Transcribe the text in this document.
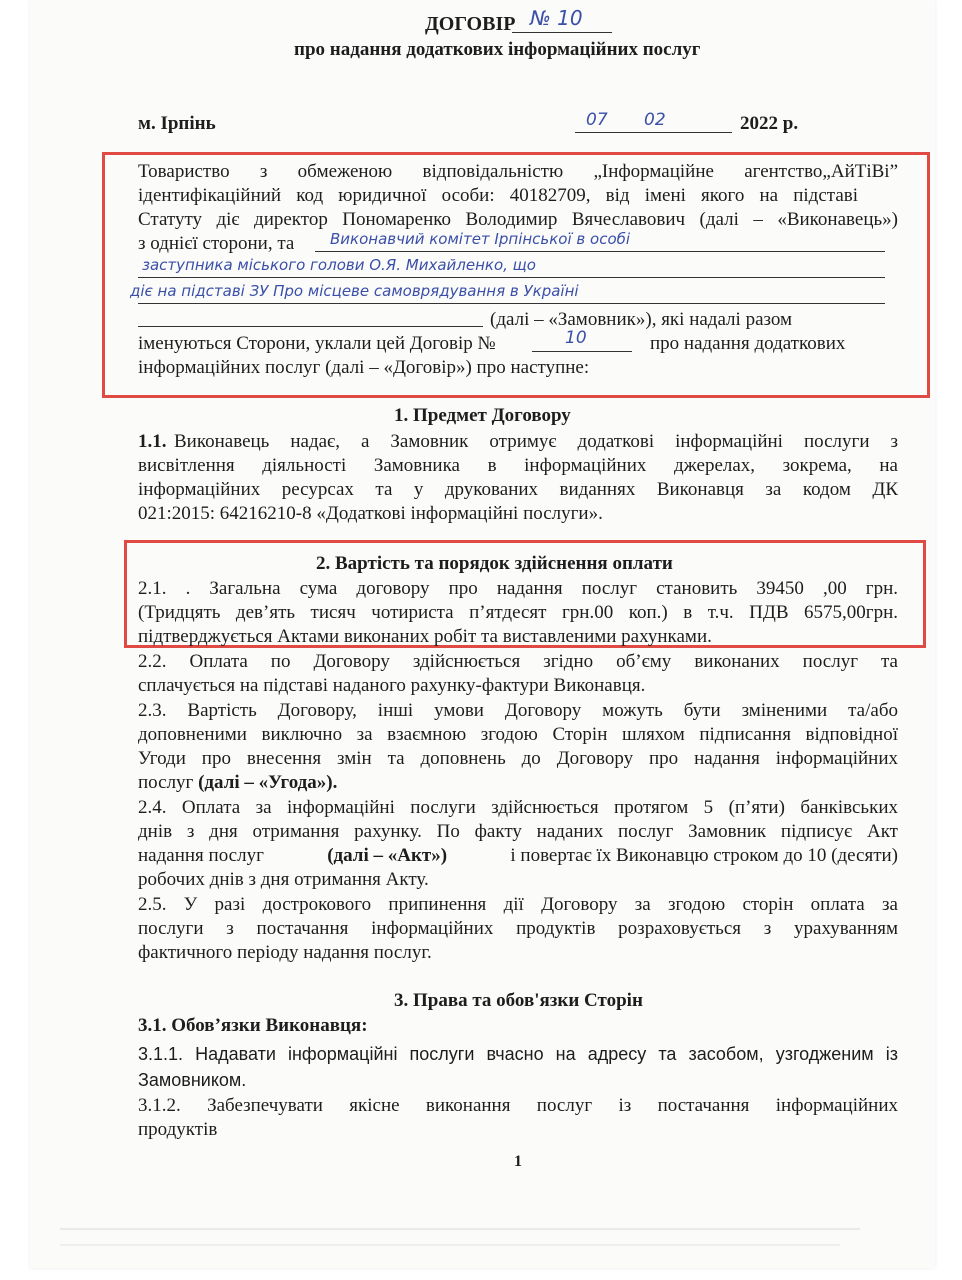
ДОГОВІР № 10
про надання додаткових інформаційних послуг
м. Ірпінь	07 02	2022 р.
Товариство з обмеженою відповідальністю „Інформаційне агентство„АйТіВі”
ідентифікаційний код юридичної особи: 40182709, від імені якого на підставі
Статуту діє директор Пономаренко Володимир Вячеславович (далі – «Виконавець»)
з однієї сторони, та Виконавчий комітет Ірпінської в особі
заступника міського голови О.Я. Михайленко, що
діє на підставі ЗУ Про місцеве самоврядування в Україні
(далі – «Замовник»), які надалі разом
іменуються Сторони, уклали цей Договір №	10	про надання додаткових
інформаційних послуг (далі – «Договір») про наступне:
1. Предмет Договору
1.1. Виконавець надає, а Замовник отримує додаткові інформаційні послуги з
висвітлення діяльності Замовника в інформаційних джерелах, зокрема, на
інформаційних ресурсах та у друкованих виданнях Виконавця за кодом ДК
021:2015: 64216210-8 «Додаткові інформаційні послуги».
2. Вартість та порядок здійснення оплати
2.1. . Загальна сума договору про надання послуг становить 39450 ,00 грн.
(Тридцять дев’ять тисяч чотириста п’ятдесят грн.00 коп.) в т.ч. ПДВ 6575,00грн.
підтверджується Актами виконаних робіт та виставленими рахунками.
2.2. Оплата по Договору здійснюється згідно об’єму виконаних послуг та
сплачується на підставі наданого рахунку-фактури Виконавця.
2.3. Вартість Договору, інші умови Договору можуть бути зміненими та/або
доповненими виключно за взаємною згодою Сторін шляхом підписання відповідної
Угоди про внесення змін та доповнень до Договору про надання інформаційних
послуг (далі – «Угода»).
2.4. Оплата за інформаційні послуги здійснюється протягом 5 (п’яти) банківських
днів з дня отримання рахунку. По факту наданих послуг Замовник підписує Акт
надання послуг	(далі – «Акт»)	і повертає їх Виконавцю строком до 10 (десяти)
робочих днів з дня отримання Акту.
2.5. У разі дострокового припинення дії Договору за згодою сторін оплата за
послуги з постачання інформаційних продуктів розраховується з урахуванням
фактичного періоду надання послуг.
3. Права та обов'язки Сторін
3.1. Обов’язки Виконавця:
3.1.1. Надавати інформаційні послуги вчасно на адресу та засобом, узгодженим із
Замовником.
3.1.2. Забезпечувати якісне виконання послуг із постачання інформаційних
продуктів
1
